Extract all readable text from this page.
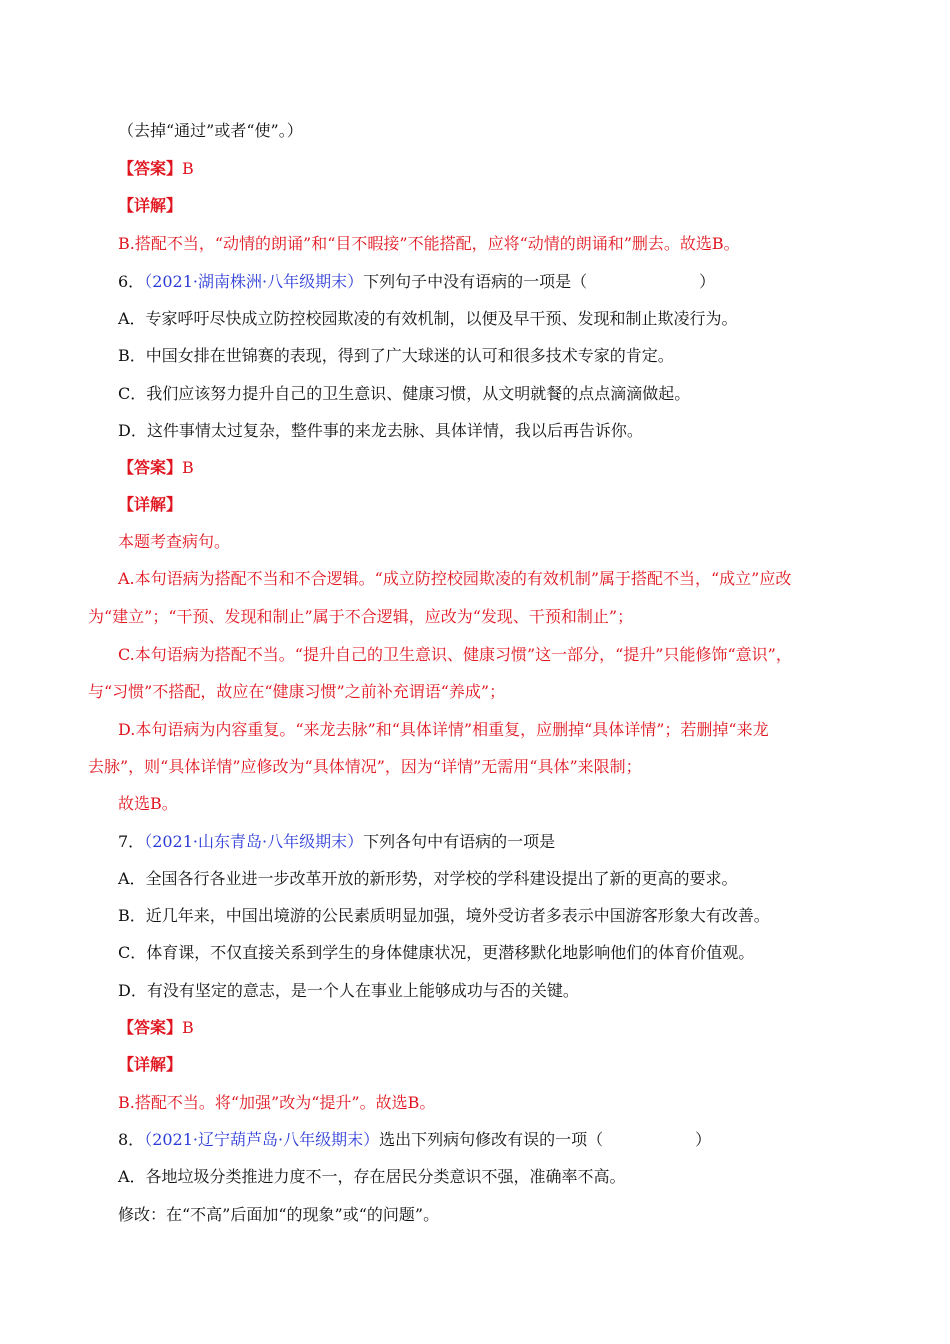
（去掉“通过”或者“使”。）
【答案】B
【详解】
B.搭配不当，“动情的朗诵”和“目不暇接”不能搭配，应将“动情的朗诵和”删去。故选B。
6．（2021·湖南株洲·八年级期末）下列句子中没有语病的一项是（	）
A．专家呼吁尽快成立防控校园欺凌的有效机制，以便及早干预、发现和制止欺凌行为。
B．中国女排在世锦赛的表现，得到了广大球迷的认可和很多技术专家的肯定。
C．我们应该努力提升自己的卫生意识、健康习惯，从文明就餐的点点滴滴做起。
D．这件事情太过复杂，整件事的来龙去脉、具体详情，我以后再告诉你。
【答案】B
【详解】
本题考查病句。
A.本句语病为搭配不当和不合逻辑。“成立防控校园欺凌的有效机制”属于搭配不当，“成立”应改
为“建立”；“干预、发现和制止”属于不合逻辑，应改为“发现、干预和制止”；
C.本句语病为搭配不当。“提升自己的卫生意识、健康习惯”这一部分，“提升”只能修饰“意识”，
与“习惯”不搭配，故应在“健康习惯”之前补充谓语“养成”；
D.本句语病为内容重复。“来龙去脉”和“具体详情”相重复，应删掉“具体详情”；若删掉“来龙
去脉”，则“具体详情”应修改为“具体情况”，因为“详情”无需用“具体”来限制；
故选B。
7．（2021·山东青岛·八年级期末）下列各句中有语病的一项是
A．全国各行各业进一步改革开放的新形势，对学校的学科建设提出了新的更高的要求。
B．近几年来，中国出境游的公民素质明显加强，境外受访者多表示中国游客形象大有改善。
C．体育课，不仅直接关系到学生的身体健康状况，更潜移默化地影响他们的体育价值观。
D．有没有坚定的意志，是一个人在事业上能够成功与否的关键。
【答案】B
【详解】
B.搭配不当。将“加强”改为“提升”。故选B。
8．（2021·辽宁葫芦岛·八年级期末）选出下列病句修改有误的一项（	）
A．各地垃圾分类推进力度不一，存在居民分类意识不强，准确率不高。
修改：在“不高”后面加“的现象”或“的问题”。
